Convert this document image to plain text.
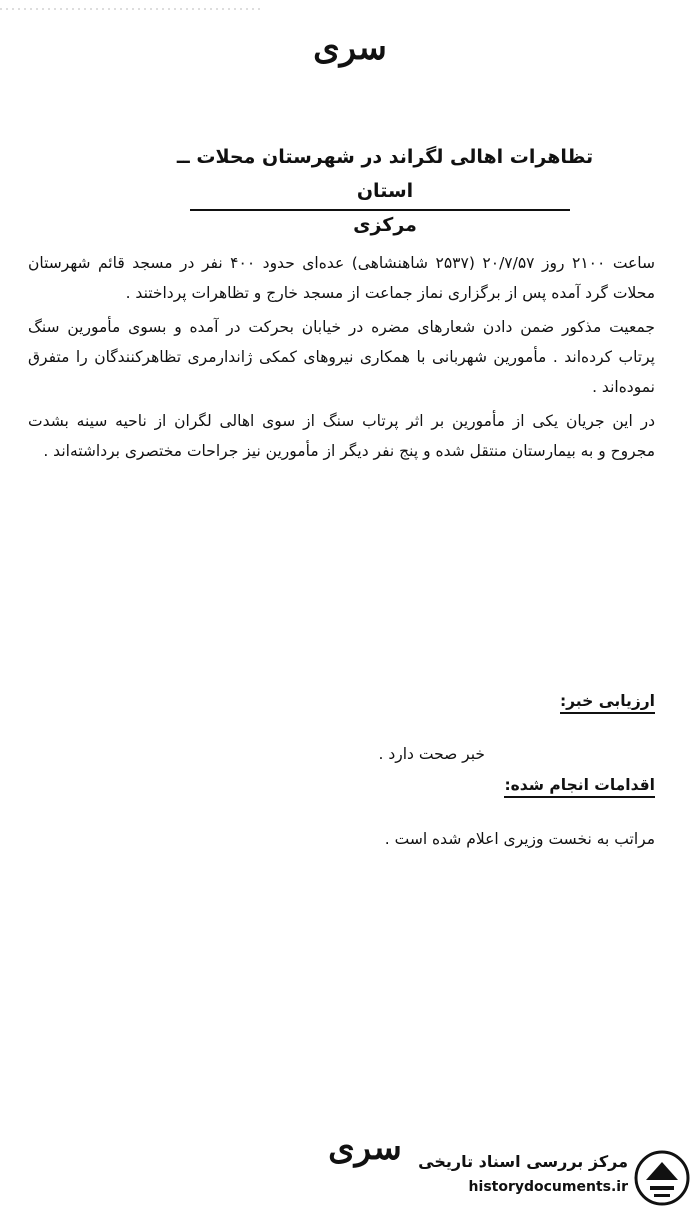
سری
تظاهرات اهالی لگراند در شهرستان محلات ــ استان
مرکزی

ساعت ۲۱۰۰ روز ۲۰/۷/۵۷ (۲۵۳۷ شاهنشاهی) عده‌ای حدود ۴۰۰ نفر در مسجد قائم شهرستان محلات گرد آمده پس از برگزاری نماز جماعت از مسجد خارج و تظاهرات پرداختند .

جمعیت مذکور ضمن دادن شعارهای مضره در خیابان بحرکت در آمده و بسوی مأمورین سنگ پرتاب کرده‌اند . مأمورین شهربانی با همکاری نیروهای کمکی ژاندارمری تظاهرکنندگان را متفرق نموده‌اند .

در این جریان یکی از مأمورین بر اثر پرتاب سنگ از سوی اهالی لگران از ناحیه سینه بشدت مجروح و به بیمارستان منتقل شده و پنج نفر دیگر از مأمورین نیز جراحات مختصری برداشته‌اند .

ارزیابی خبر:
خبر صحت دارد .
اقدامات انجام شده:
مراتب به نخست وزیری اعلام شده است .
سری	مرکز بررسی اسناد تاریخی
historydocuments.ir
